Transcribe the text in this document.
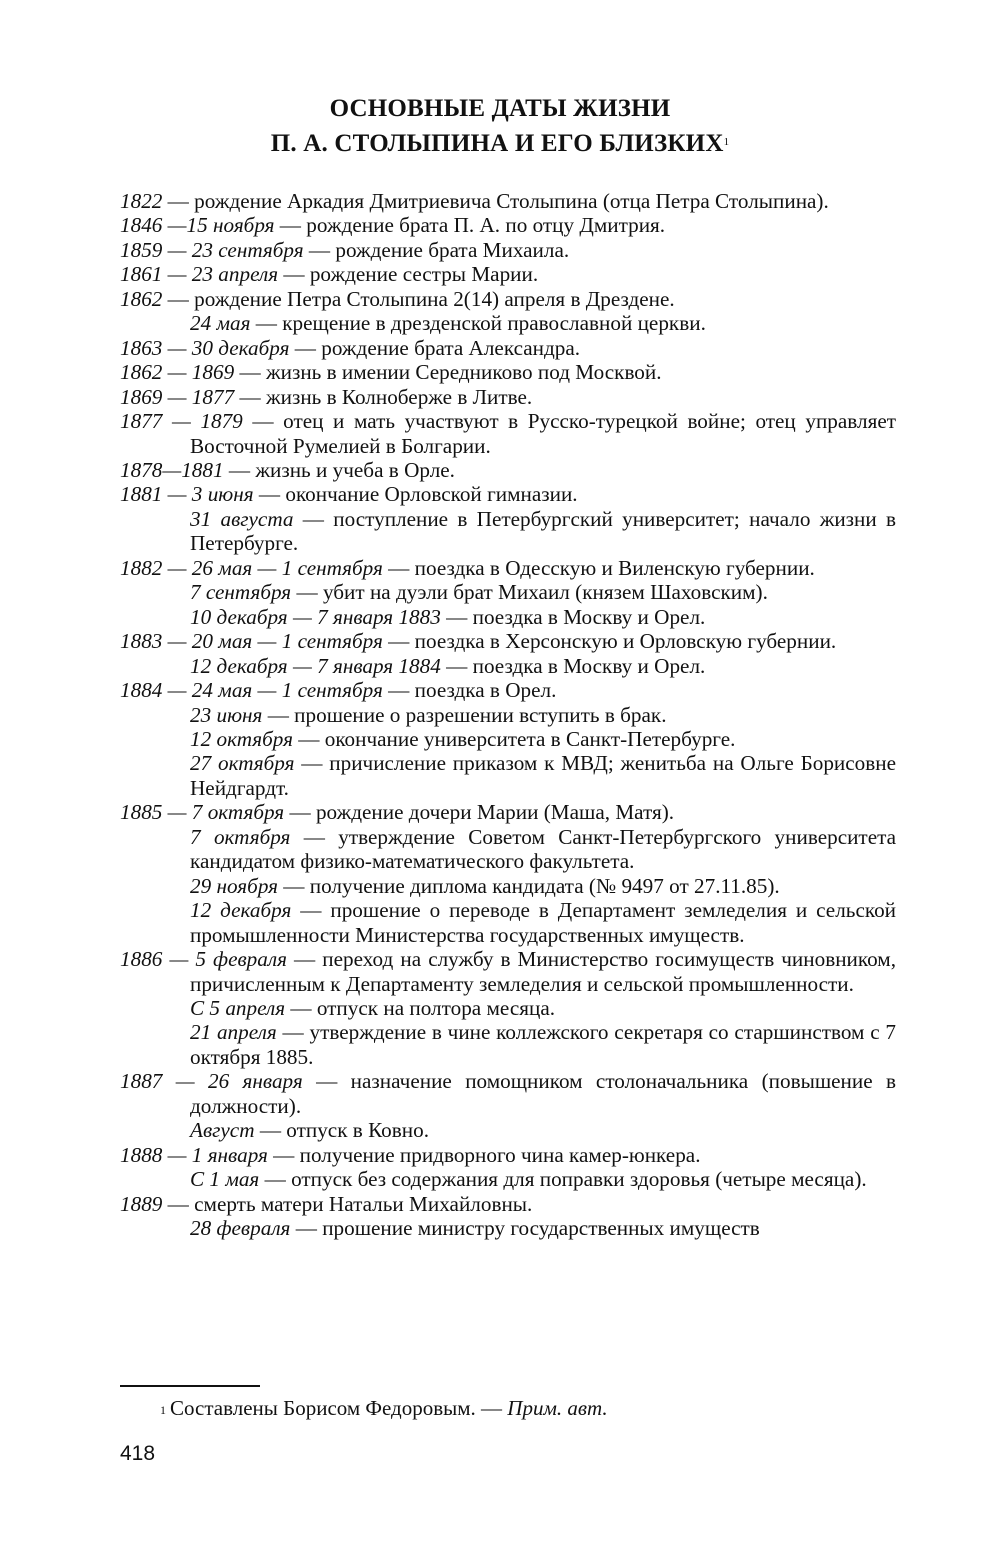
ОСНОВНЫЕ ДАТЫ ЖИЗНИ
П. А. СТОЛЫПИНА И ЕГО БЛИЗКИХ$^1$
1822 — рождение Аркадия Дмитриевича Столыпина (отца Петра Столыпина).
1846 —15 ноября — рождение брата П. А. по отцу Дмитрия.
1859 — 23 сентября — рождение брата Михаила.
1861 — 23 апреля — рождение сестры Марии.
1862 — рождение Петра Столыпина 2(14) апреля в Дрездене.
24 мая — крещение в дрезденской православной церкви.
1863 — 30 декабря — рождение брата Александра.
1862 — 1869 — жизнь в имении Середниково под Москвой.
1869 — 1877 — жизнь в Колноберже в Литве.
1877 — 1879 — отец и мать участвуют в Русско-турецкой войне; отец управляет Восточной Румелией в Болгарии.
1878—1881 — жизнь и учеба в Орле.
1881 — 3 июня — окончание Орловской гимназии.
31 августа — поступление в Петербургский университет; начало жизни в Петербурге.
1882 — 26 мая — 1 сентября — поездка в Одесскую и Виленскую губернии.
7 сентября — убит на дуэли брат Михаил (князем Шаховским).
10 декабря — 7 января 1883 — поездка в Москву и Орел.
1883 — 20 мая — 1 сентября — поездка в Херсонскую и Орловскую губернии.
12 декабря — 7 января 1884 — поездка в Москву и Орел.
1884 — 24 мая — 1 сентября — поездка в Орел.
23 июня — прошение о разрешении вступить в брак.
12 октября — окончание университета в Санкт-Петербурге.
27 октября — причисление приказом к МВД; женитьба на Ольге Борисовне Нейдгардт.
1885 — 7 октября — рождение дочери Марии (Маша, Матя).
7 октября — утверждение Советом Санкт-Петербургского университета кандидатом физико-математического факультета.
29 ноября — получение диплома кандидата (№ 9497 от 27.11.85).
12 декабря — прошение о переводе в Департамент земледелия и сельской промышленности Министерства государственных имуществ.
1886 — 5 февраля — переход на службу в Министерство госимуществ чиновником, причисленным к Департаменту земледелия и сельской промышленности.
С 5 апреля — отпуск на полтора месяца.
21 апреля — утверждение в чине коллежского секретаря со старшинством с 7 октября 1885.
1887 — 26 января — назначение помощником столоначальника (повышение в должности).
Август — отпуск в Ковно.
1888 — 1 января — получение придворного чина камер-юнкера.
С 1 мая — отпуск без содержания для поправки здоровья (четыре месяца).
1889 — смерть матери Натальи Михайловны.
28 февраля — прошение министру государственных имуществ
$^1$ Составлены Борисом Федоровым. — Прим. авт.
418
